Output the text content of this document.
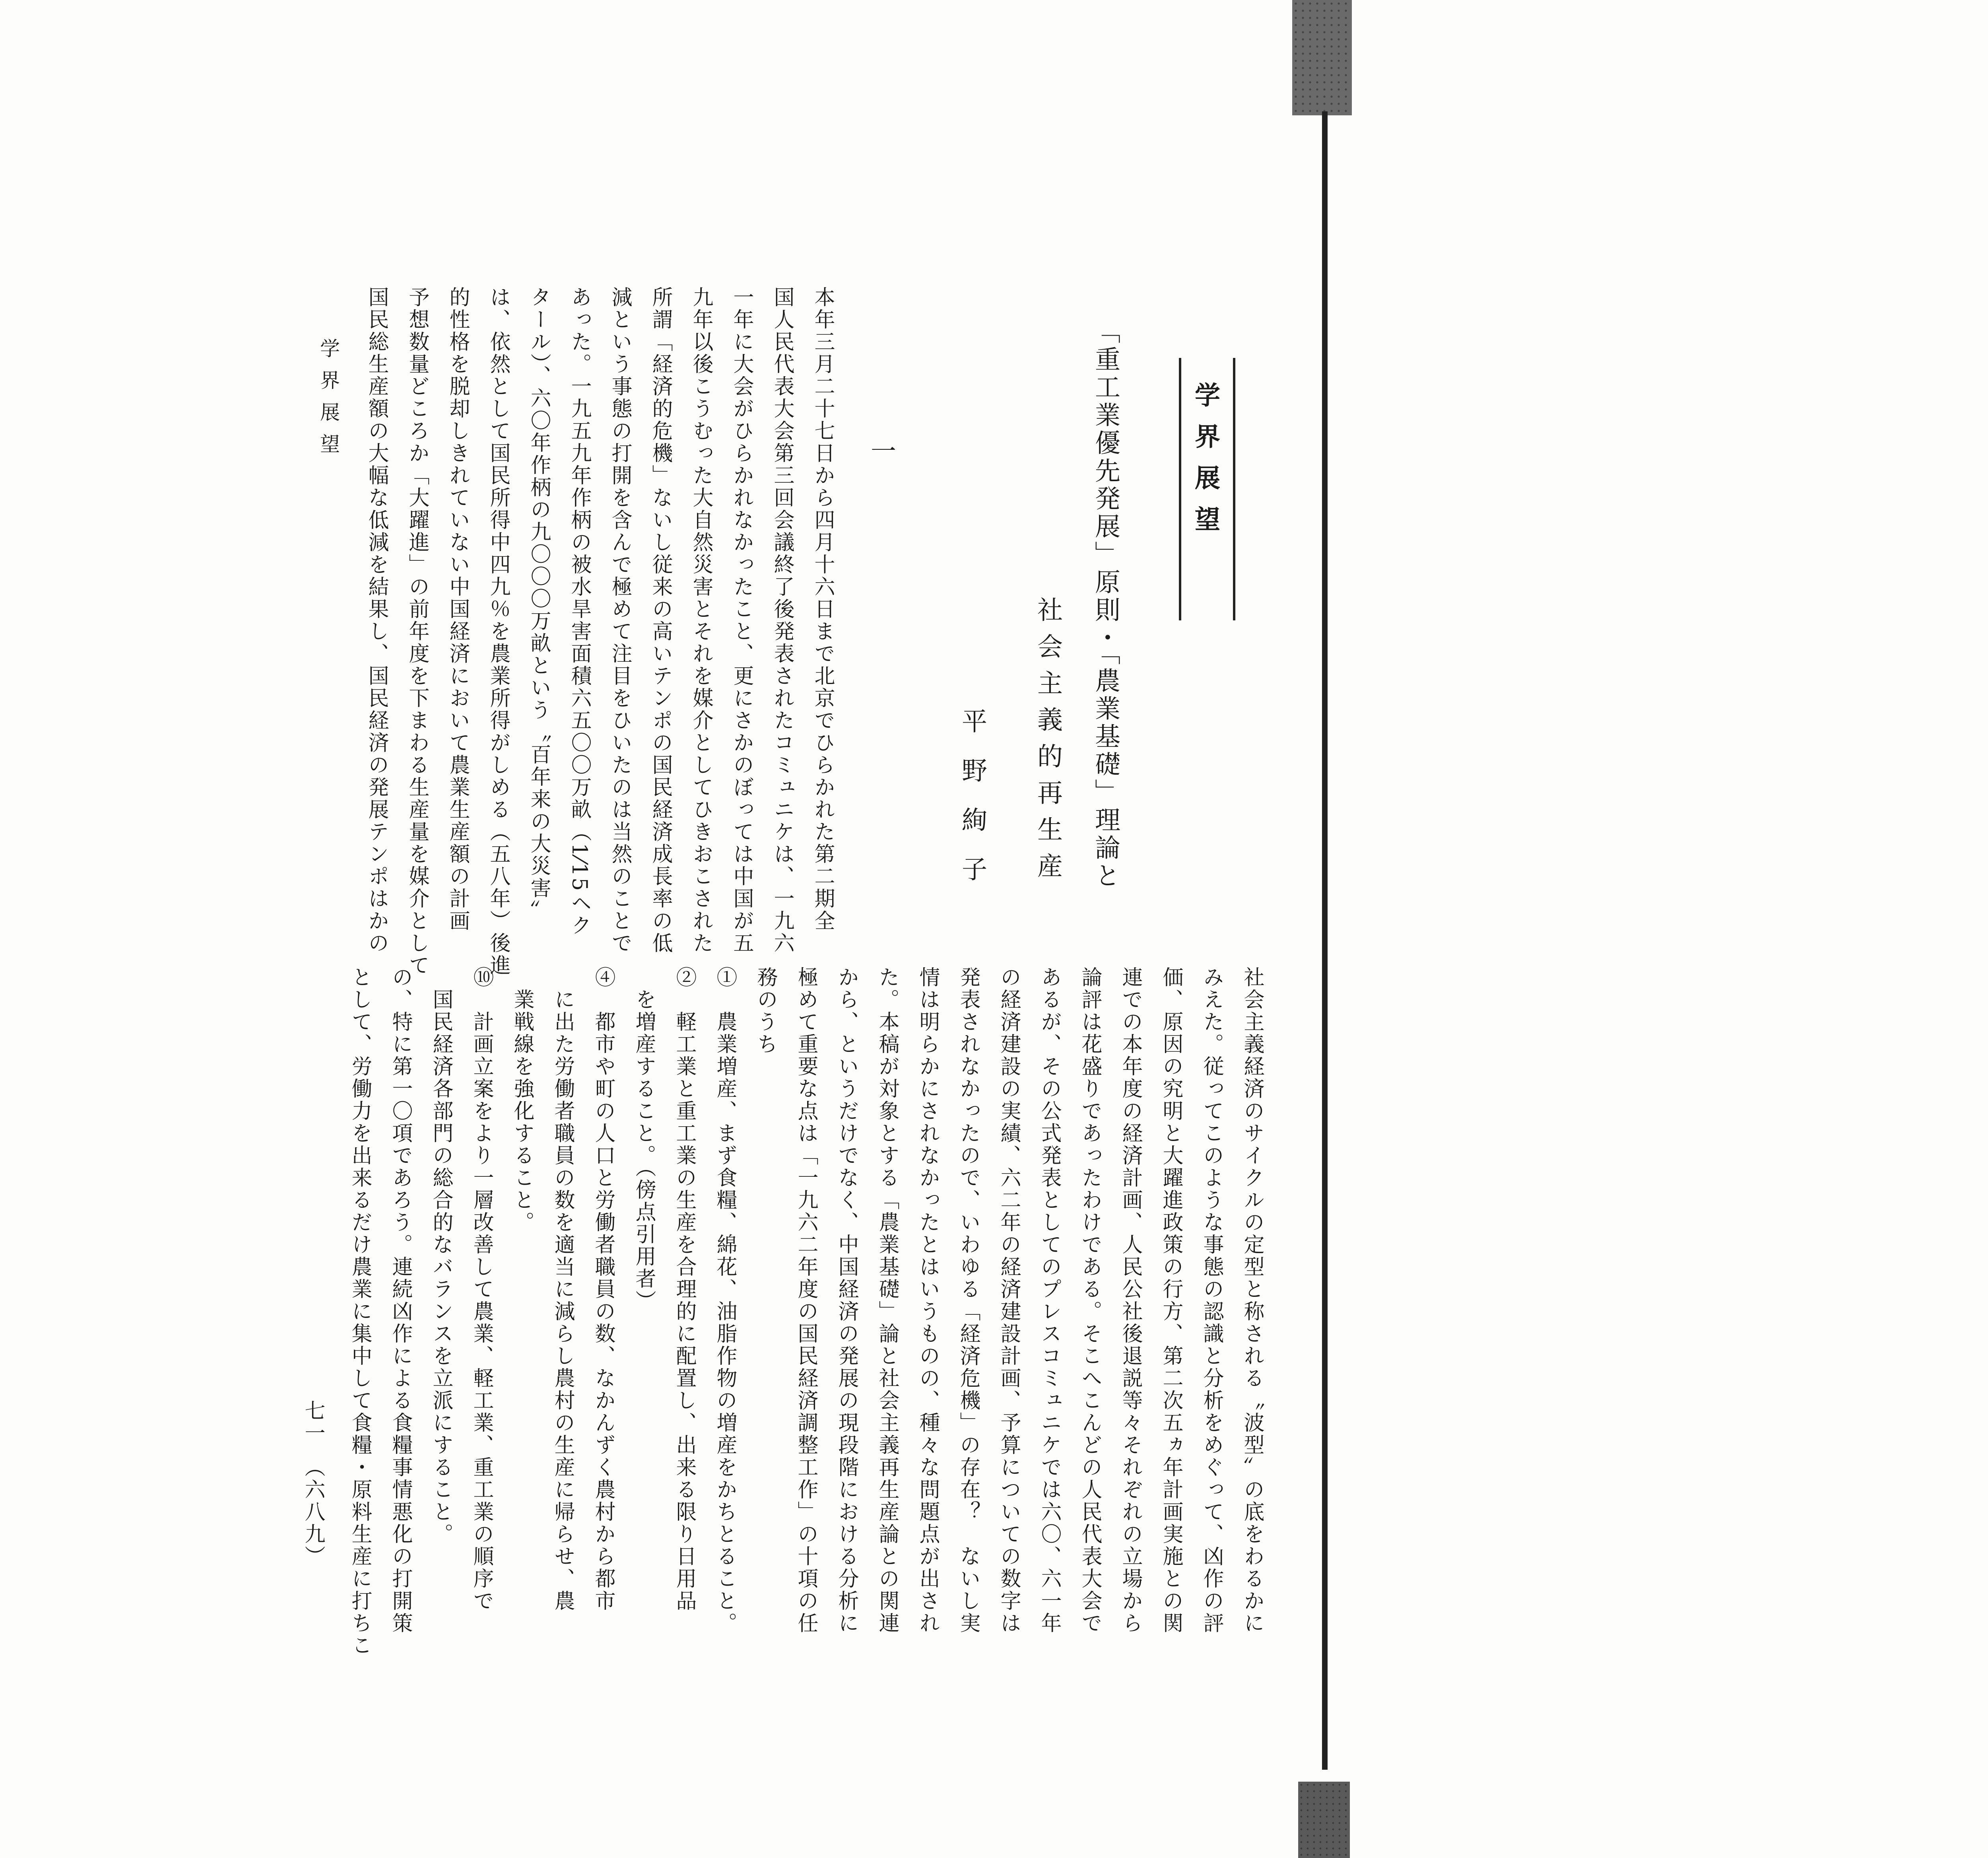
学界展望
「重工業優先発展」原則・「農業基礎」理論と
社会主義的再生産
平野絢子
一
本年三月二十七日から四月十六日まで北京でひらかれた第二期全
国人民代表大会第三回会議終了後発表されたコミュニケは、一九六
一年に大会がひらかれなかったこと、更にさかのぼっては中国が五
九年以後こうむった大自然災害とそれを媒介としてひきおこされた
所謂「経済的危機」ないし従来の高いテンポの国民経済成長率の低
減という事態の打開を含んで極めて注目をひいたのは当然のことで
あった。一九五九年作柄の被水旱害面積六五〇〇万畝（1⁄15ヘク
タール）、六〇年作柄の九〇〇〇万畝という〝百年来の大災害〟
は、依然として国民所得中四九％を農業所得がしめる（五八年）後進
的性格を脱却しきれていない中国経済において農業生産額の計画
予想数量どころか「大躍進」の前年度を下まわる生産量を媒介として
国民総生産額の大幅な低減を結果し、国民経済の発展テンポはかの
社会主義経済のサイクルの定型と称される〝波型〟の底をわるかに
みえた。従ってこのような事態の認識と分析をめぐって、凶作の評
価、原因の究明と大躍進政策の行方、第二次五ヵ年計画実施との関
連での本年度の経済計画、人民公社後退説等々それぞれの立場から
論評は花盛りであったわけである。そこへこんどの人民代表大会で
あるが、その公式発表としてのプレスコミュニケでは六〇、六一年
の経済建設の実績、六二年の経済建設計画、予算についての数字は
発表されなかったので、いわゆる「経済危機」の存在？　ないし実
情は明らかにされなかったとはいうものの、種々な問題点が出され
た。本稿が対象とする「農業基礎」論と社会主義再生産論との関連
から、というだけでなく、中国経済の発展の現段階における分析に
極めて重要な点は「一九六二年度の国民経済調整工作」の十項の任
務のうち
①　農業増産、まず食糧、綿花、油脂作物の増産をかちとること。
②　軽工業と重工業の生産を合理的に配置し、出来る限り日用品
　を増産すること。（傍点引用者）
④　都市や町の人口と労働者職員の数、なかんずく農村から都市
　に出た労働者職員の数を適当に減らし農村の生産に帰らせ、農
　業戦線を強化すること。
⑩　計画立案をより一層改善して農業、軽工業、重工業の順序で
　国民経済各部門の総合的なバランスを立派にすること。
の、特に第一〇項であろう。連続凶作による食糧事情悪化の打開策
として、労働力を出来るだけ農業に集中して食糧・原料生産に打ちこ
学界展望
七一　（六八九）
